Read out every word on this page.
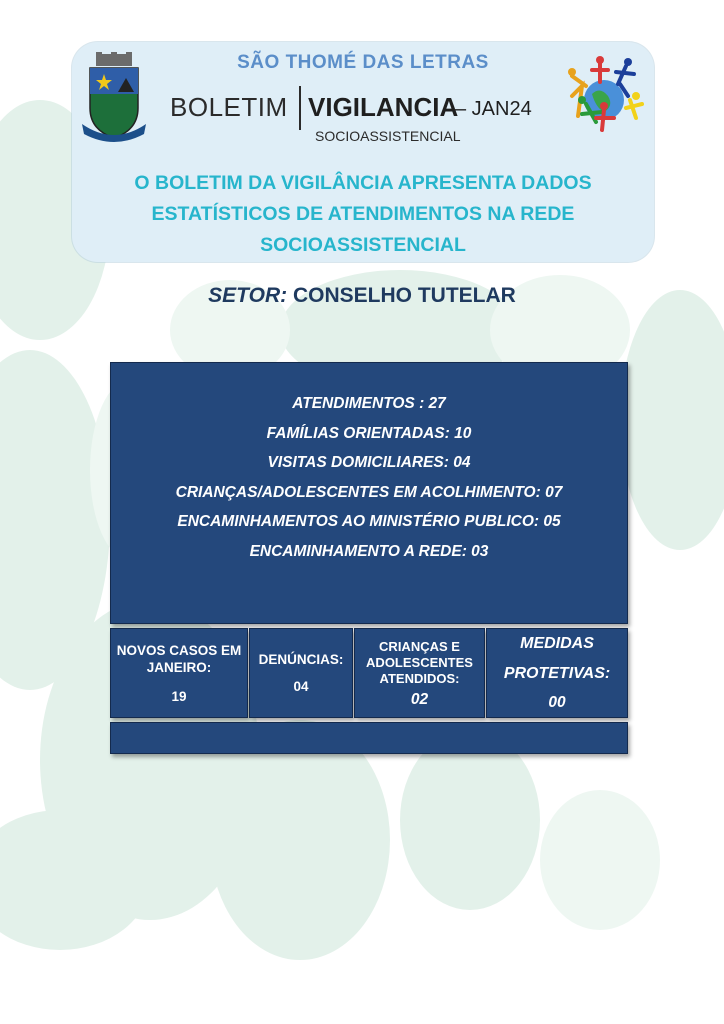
SÃO THOMÉ DAS LETRAS
BOLETIM VIGILANCIA
– JAN24
SOCIOASSISTENCIAL
O BOLETIM DA VIGILÂNCIA APRESENTA DADOS ESTATÍSTICOS DE ATENDIMENTOS NA REDE SOCIOASSISTENCIAL
SETOR: CONSELHO TUTELAR
ATENDIMENTOS : 27
FAMÍLIAS ORIENTADAS: 10
VISITAS DOMICILIARES: 04
CRIANÇAS/ADOLESCENTES EM ACOLHIMENTO: 07
ENCAMINHAMENTOS AO MINISTÉRIO PUBLICO: 05
ENCAMINHAMENTO A REDE: 03
NOVOS CASOS EM
JANEIRO:
19
DENÚNCIAS:
04
CRIANÇAS E
ADOLESCENTES
ATENDIDOS:
02
MEDIDAS
PROTETIVAS:
00
